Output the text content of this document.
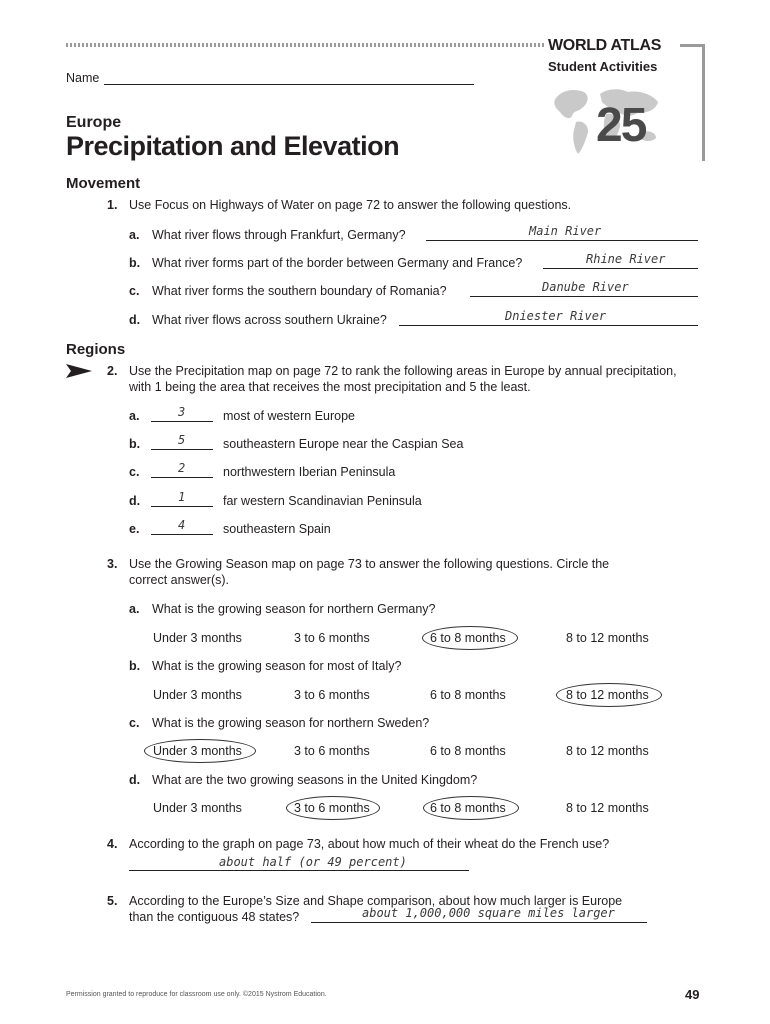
WORLD ATLAS
Student Activities
25
Name
Europe
Precipitation and Elevation
Movement
1. Use Focus on Highways of Water on page 72 to answer the following questions.
a. What river flows through Frankfurt, Germany?	Main River
b. What river forms part of the border between Germany and France?	Rhine River
c. What river forms the southern boundary of Romania?	Danube River
d. What river flows across southern Ukraine?	Dniester River
Regions
2. Use the Precipitation map on page 72 to rank the following areas in Europe by annual precipitation,
with 1 being the area that receives the most precipitation and 5 the least.
a.	3	most of western Europe
b.	5	southeastern Europe near the Caspian Sea
c.	2	northwestern Iberian Peninsula
d.	1	far western Scandinavian Peninsula
e.	4	southeastern Spain
3. Use the Growing Season map on page 73 to answer the following questions. Circle the
correct answer(s).
a. What is the growing season for northern Germany?
Under 3 months	3 to 6 months	6 to 8 months	8 to 12 months
b. What is the growing season for most of Italy?
Under 3 months	3 to 6 months	6 to 8 months	8 to 12 months
c. What is the growing season for northern Sweden?
Under 3 months	3 to 6 months	6 to 8 months	8 to 12 months
d. What are the two growing seasons in the United Kingdom?
Under 3 months	3 to 6 months	6 to 8 months	8 to 12 months
4. According to the graph on page 73, about how much of their wheat do the French use?
about half (or 49 percent)
5. According to the Europe’s Size and Shape comparison, about how much larger is Europe
than the contiguous 48 states?	about 1,000,000 square miles larger
Permission granted to reproduce for classroom use only. ©2015 Nystrom Education.	49
